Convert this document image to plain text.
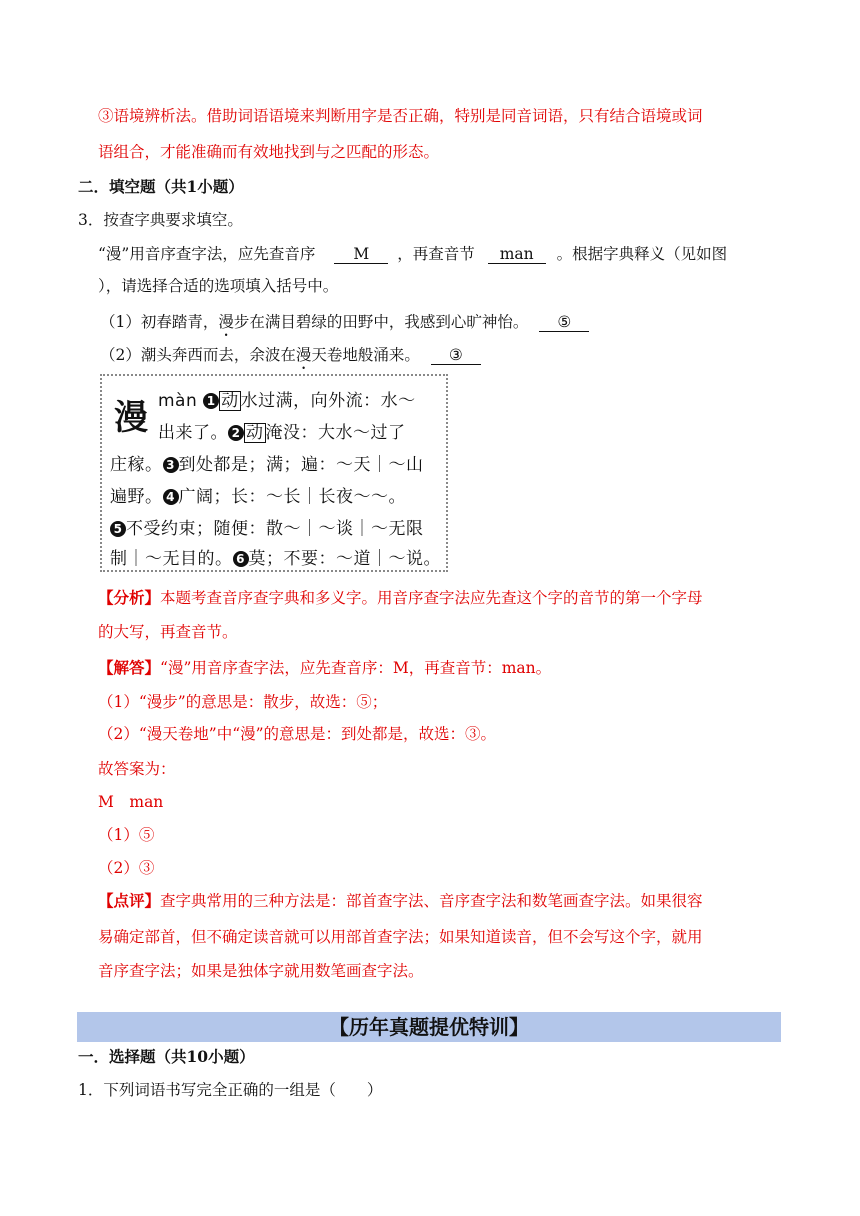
③语境辨析法。借助词语语境来判断用字是否正确，特别是同音词语，只有结合语境或词
语组合，才能准确而有效地找到与之匹配的形态。
二．填空题（共1小题）
3．按查字典要求填空。
“漫”用音序查字法，应先查音序 M ，再查音节 man 。根据字典释义（见如图
），请选择合适的选项填入括号中。
（1）初春踏青，漫步在满目碧绿的田野中，我感到心旷神怡。 ⑤
（2）潮头奔西而去，余波在漫天卷地般涌来。 ③
漫 màn 1 动 水过满，向外流：水～
出来了。 2 动 淹没：大水～过了
庄稼。 3 到处都是；满；遍：～天｜～山
遍野。 4 广阔；长：～长｜长夜～～。
5 不受约束；随便：散～｜～谈｜～无限
制｜～无目的。 6 莫；不要：～道｜～说。
【分析】本题考查音序查字典和多义字。用音序查字法应先查这个字的音节的第一个字母
的大写，再查音节。
【解答】“漫”用音序查字法，应先查音序：M，再查音节：man。
（1）“漫步”的意思是：散步，故选：⑤；
（2）“漫天卷地”中“漫”的意思是：到处都是，故选：③。
故答案为：
M　man
（1）⑤
（2）③
【点评】查字典常用的三种方法是：部首查字法、音序查字法和数笔画查字法。如果很容
易确定部首，但不确定读音就可以用部首查字法；如果知道读音，但不会写这个字，就用
音序查字法；如果是独体字就用数笔画查字法。
【历年真题提优特训】
一．选择题（共10小题）
1．下列词语书写完全正确的一组是（　　）
